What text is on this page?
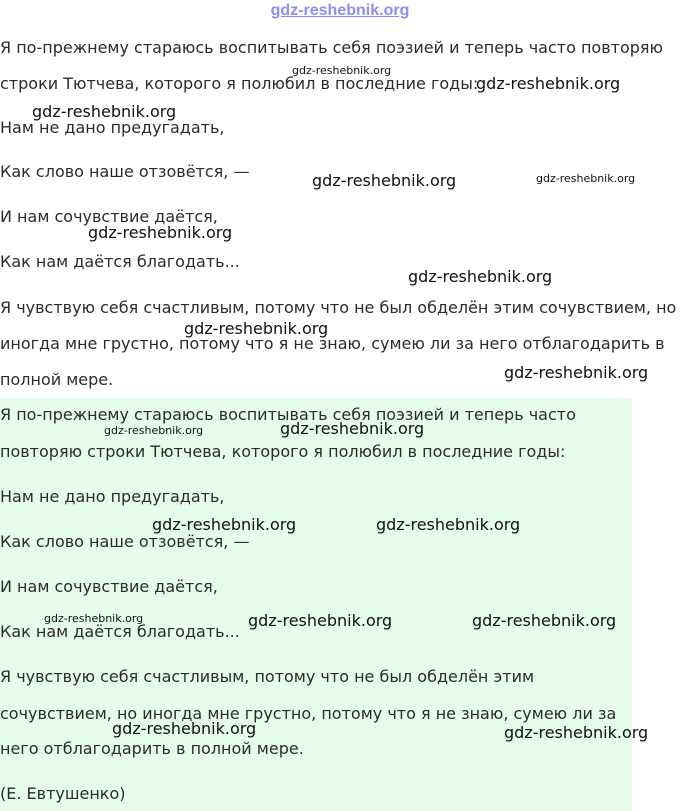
gdz-reshebnik.org
Я по-прежнему стараюсь воспитывать себя поэзией и теперь часто повторяю
строки Тютчева, которого я полюбил в последние годы:
Нам не дано предугадать,
Как слово наше отзовётся, —
И нам сочувствие даётся,
Как нам даётся благодать...
Я чувствую себя счастливым, потому что не был обделён этим сочувствием, но
иногда мне грустно, потому что я не знаю, сумею ли за него отблагодарить в
полной мере.
Я по-прежнему стараюсь воспитывать себя поэзией и теперь часто
повторяю строки Тютчева, которого я полюбил в последние годы:
Нам не дано предугадать,
Как слово наше отзовётся, —
И нам сочувствие даётся,
Как нам даётся благодать...
Я чувствую себя счастливым, потому что не был обделён этим
сочувствием, но иногда мне грустно, потому что я не знаю, сумею ли за
него отблагодарить в полной мере.
(Е. Евтушенко)
gdz-reshebnik.org
gdz-reshebnik.org
gdz-reshebnik.org
gdz-reshebnik.org	gdz-reshebnik.org
gdz-reshebnik.org
gdz-reshebnik.org
gdz-reshebnik.org
gdz-reshebnik.org
gdz-reshebnik.org	gdz-reshebnik.org
gdz-reshebnik.org	gdz-reshebnik.org
gdz-reshebnik.org	gdz-reshebnik.org	gdz-reshebnik.org
gdz-reshebnik.org	gdz-reshebnik.org
